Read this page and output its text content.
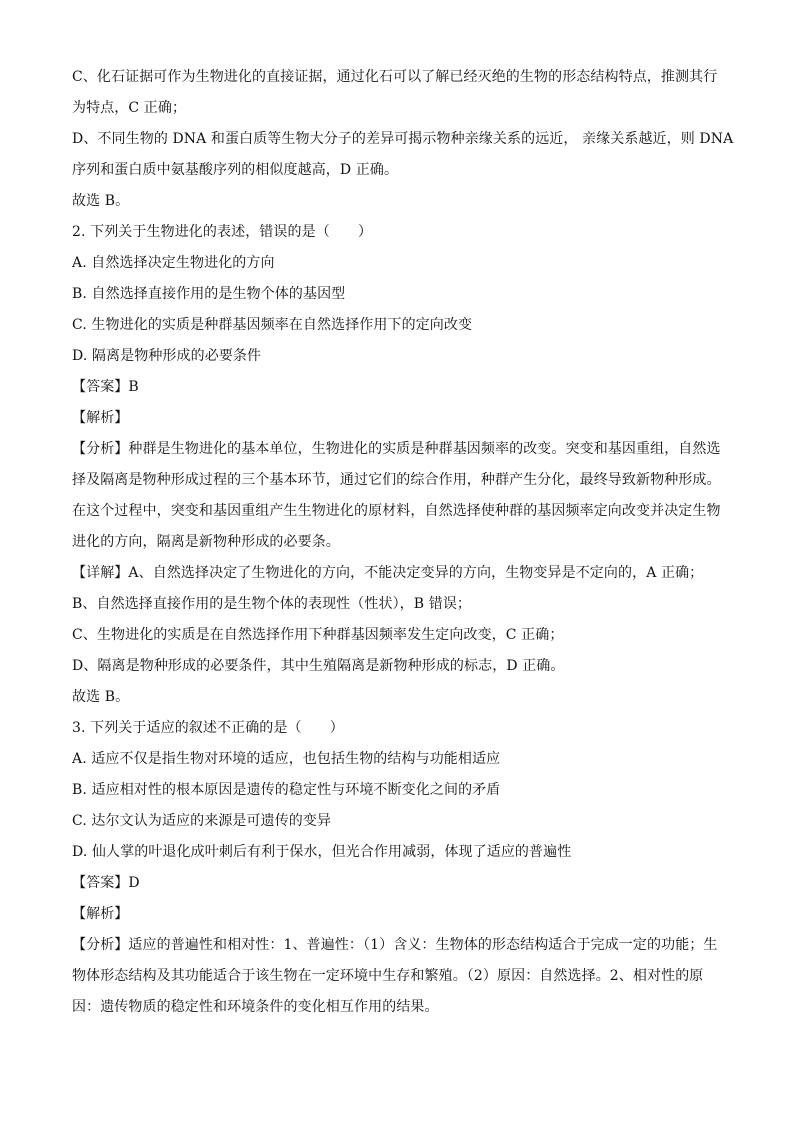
C、化石证据可作为生物进化的直接证据，通过化石可以了解已经灭绝的生物的形态结构特点，推测其行
为特点，C 正确；
D、不同生物的 DNA 和蛋白质等生物大分子的差异可揭示物种亲缘关系的远近， 亲缘关系越近，则 DNA
序列和蛋白质中氨基酸序列的相似度越高，D 正确。
故选 B。
2. 下列关于生物进化的表述，错误的是（　　）
A. 自然选择决定生物进化的方向
B. 自然选择直接作用的是生物个体的基因型
C. 生物进化的实质是种群基因频率在自然选择作用下的定向改变
D. 隔离是物种形成的必要条件
【答案】B
【解析】
【分析】种群是生物进化的基本单位，生物进化的实质是种群基因频率的改变。突变和基因重组，自然选
择及隔离是物种形成过程的三个基本环节，通过它们的综合作用，种群产生分化，最终导致新物种形成。
在这个过程中，突变和基因重组产生生物进化的原材料，自然选择使种群的基因频率定向改变并决定生物
进化的方向，隔离是新物种形成的必要条。
【详解】A、自然选择决定了生物进化的方向，不能决定变异的方向，生物变异是不定向的，A 正确；
B、自然选择直接作用的是生物个体的表现性（性状），B 错误；
C、生物进化的实质是在自然选择作用下种群基因频率发生定向改变，C 正确；
D、隔离是物种形成的必要条件，其中生殖隔离是新物种形成的标志，D 正确。
故选 B。
3. 下列关于适应的叙述不正确的是（　　）
A. 适应不仅是指生物对环境的适应，也包括生物的结构与功能相适应
B. 适应相对性的根本原因是遗传的稳定性与环境不断变化之间的矛盾
C. 达尔文认为适应的来源是可遗传的变异
D. 仙人掌的叶退化成叶刺后有利于保水，但光合作用减弱，体现了适应的普遍性
【答案】D
【解析】
【分析】适应的普遍性和相对性：1、普遍性：（1）含义：生物体的形态结构适合于完成一定的功能；生
物体形态结构及其功能适合于该生物在一定环境中生存和繁殖。（2）原因：自然选择。2、相对性的原
因：遗传物质的稳定性和环境条件的变化相互作用的结果。
